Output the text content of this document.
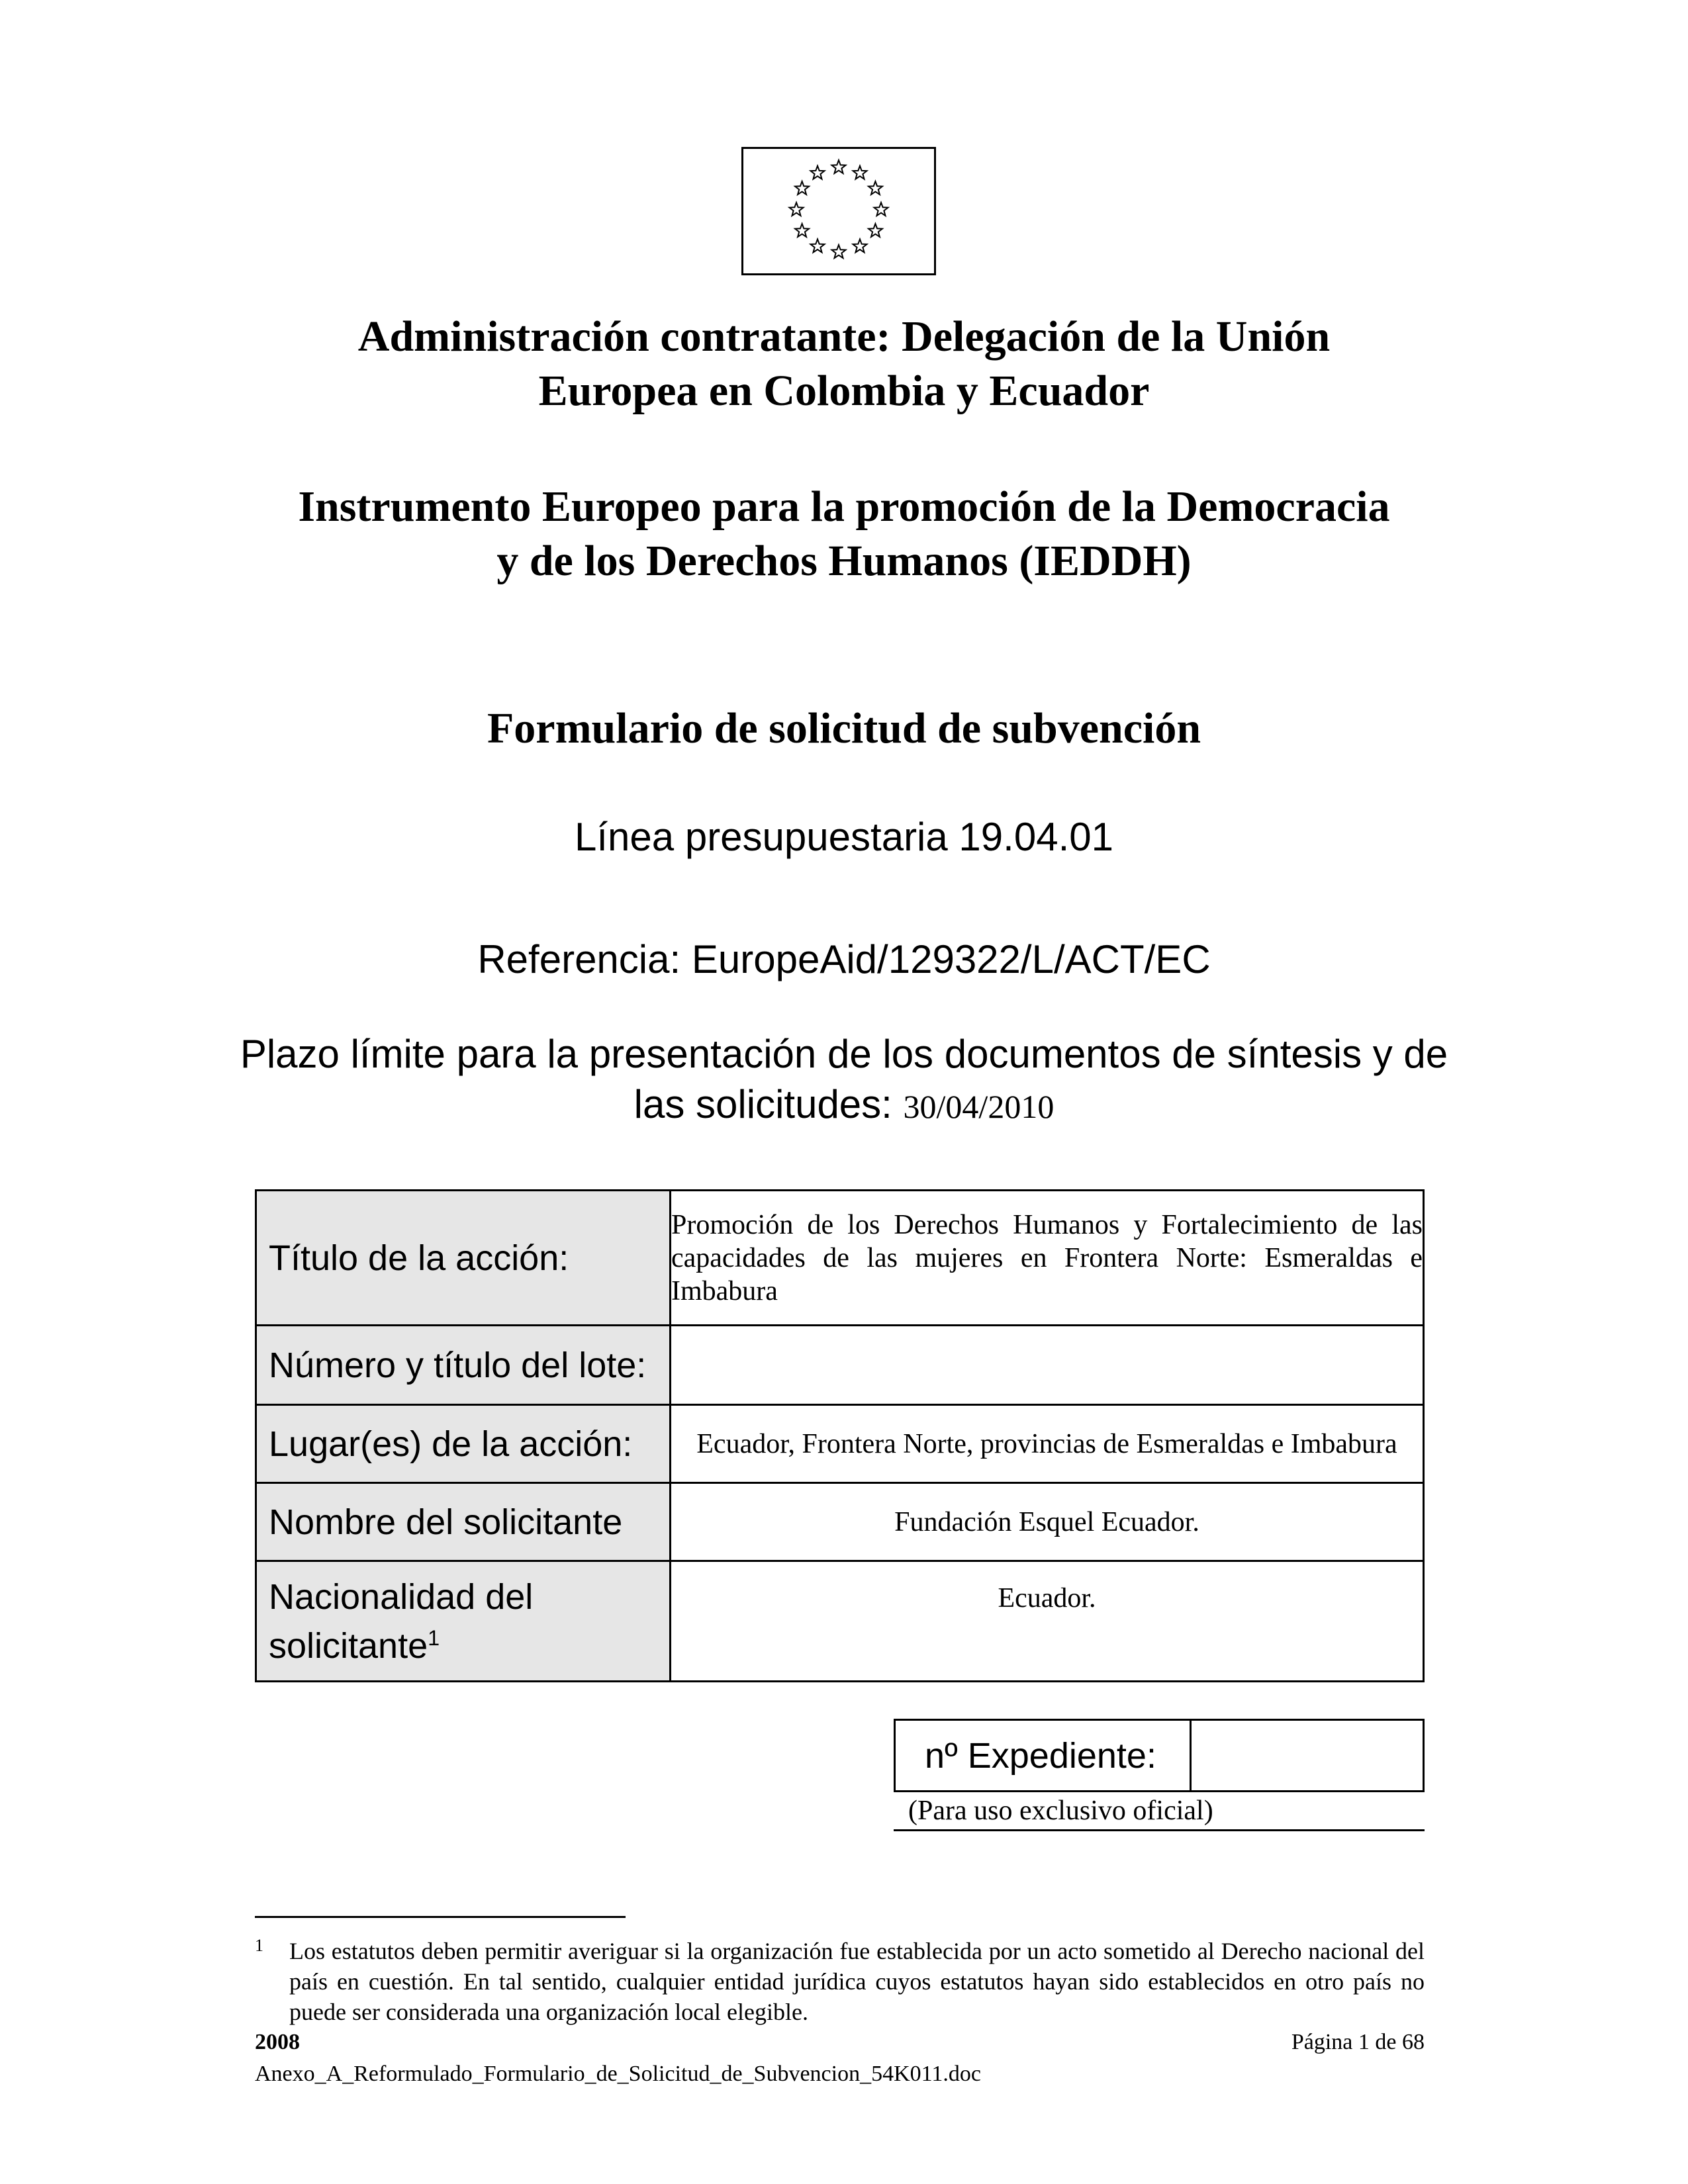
Administración contratante: Delegación de la Unión
Europea en Colombia y Ecuador
Instrumento Europeo para la promoción de la Democracia
y de los Derechos Humanos (IEDDH)
Formulario de solicitud de subvención
Línea presupuestaria 19.04.01
Referencia: EuropeAid/129322/L/ACT/EC
Plazo límite para la presentación de los documentos de síntesis y de
las solicitudes: 30/04/2010
Título de la acción:	Promoción de los Derechos Humanos y Fortalecimiento de las capacidades de las mujeres en Frontera Norte: Esmeraldas e Imbabura
Número y título del lote:	
Lugar(es) de la acción:	Ecuador, Frontera Norte, provincias de Esmeraldas e Imbabura
Nombre del solicitante	Fundación Esquel Ecuador.
Nacionalidad del solicitante$^1$	Ecuador.
nº Expediente:	
(Para uso exclusivo oficial)
1 Los estatutos deben permitir averiguar si la organización fue establecida por un acto sometido al Derecho nacional del país en cuestión. En tal sentido, cualquier entidad jurídica cuyos estatutos hayan sido establecidos en otro país no puede ser considerada una organización local elegible.
2008
Anexo_A_Reformulado_Formulario_de_Solicitud_de_Subvencion_54K011.doc
Página 1 de 68
